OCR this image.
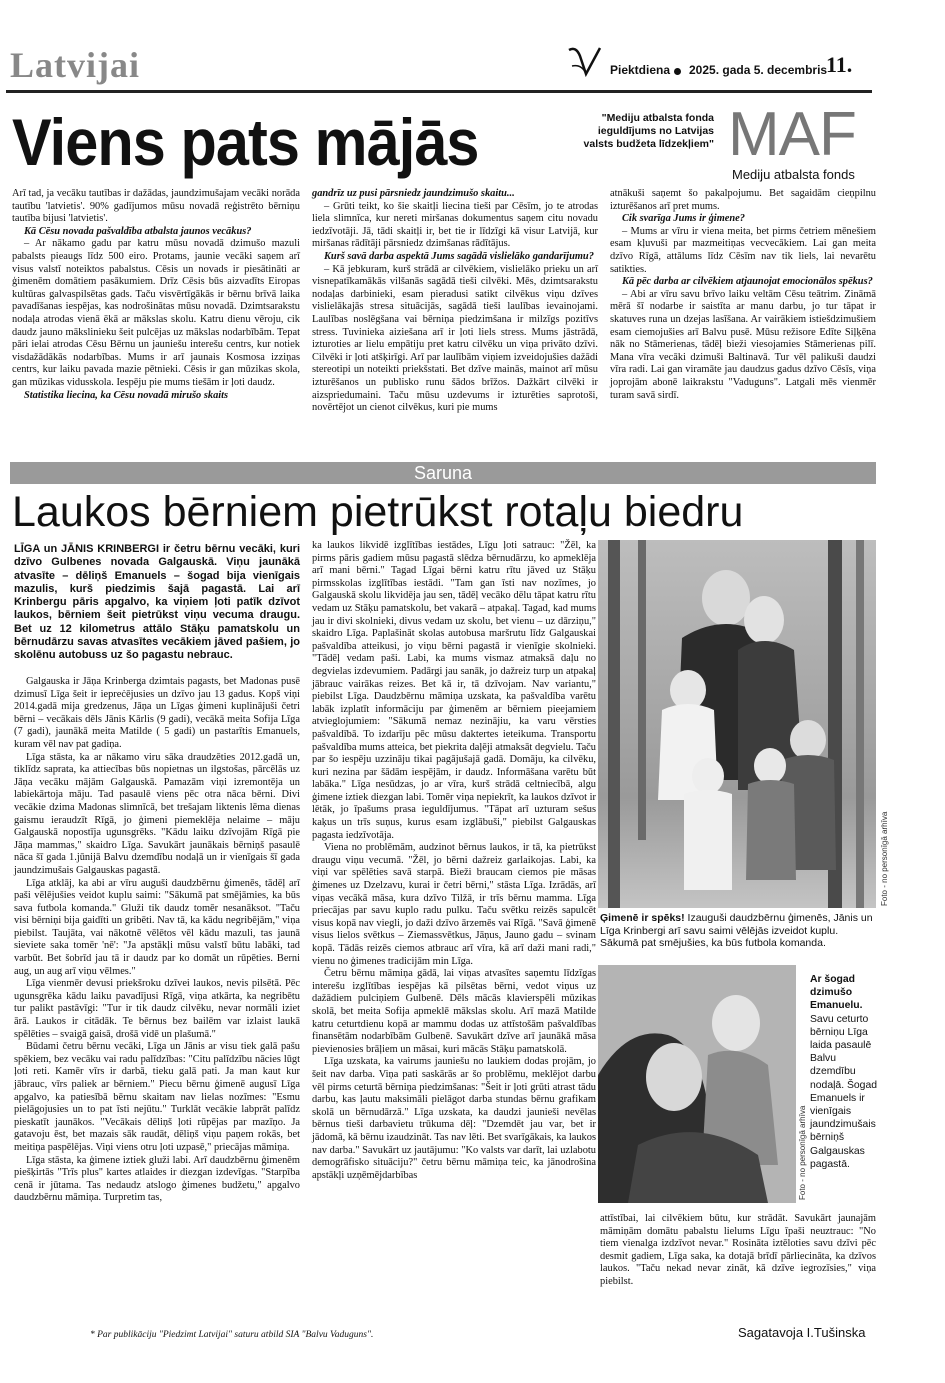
Latvijai	Piektdiena 2025. gada 5. decembris
11.
Viens pats mājās	"Mediju atbalsta fonda ieguldījums no Latvijas valsts budžeta līdzekļiem" MAF
Mediju atbalsta fonds

Arī tad, ja vecāku tautības ir dažādas, jaundzimušajam vecāki norāda tautību 'latvietis'. 90% gadījumos mūsu novadā reģistrēto bērniņu tautība bijusi 'latvietis'.

Kā Cēsu novada pašvaldība atbalsta jaunos vecākus?

– Ar nākamo gadu par katru mūsu novadā dzimušo mazuli pabalsts pieaugs līdz 500 eiro. Protams, jaunie vecāki saņem arī visus valstī noteiktos pabalstus. Cēsis un novads ir piesātināti ar ģimenēm domātiem pasākumiem. Drīz Cēsis būs aizvadīts Eiropas kultūras galvaspilsētas gads. Taču visvērtīgākās ir bērnu brīvā laika pavadīšanas iespējas, kas nodrošinātas mūsu novadā. Dzimtsarakstu nodaļa atrodas vienā ēkā ar mākslas skolu. Katru dienu vēroju, cik daudz jauno mākslinieku šeit pulcējas uz mākslas nodarbībām. Tepat pāri ielai atrodas Cēsu Bērnu un jauniešu interešu centrs, kur notiek visdažādākās nodarbības. Mums ir arī jaunais Kosmosa izziņas centrs, kur laiku pavada mazie pētnieki. Cēsis ir gan mūzikas skola, gan mūzikas vidusskola. Iespēju pie mums tiešām ir ļoti daudz.

Statistika liecina, ka Cēsu novadā mirušo skaits

gandrīz uz pusi pārsniedz jaundzimušo skaitu...

– Grūti teikt, ko šie skaitļi liecina tieši par Cēsīm, jo te atrodas liela slimnīca, kur nereti miršanas dokumentus saņem citu novadu iedzīvotāji. Jā, tādi skaitļi ir, bet tie ir līdzīgi kā visur Latvijā, kur miršanas rādītāji pārsniedz dzimšanas rādītājus.

Kurš savā darba aspektā Jums sagādā vislielāko gandarījumu?

– Kā jebkuram, kurš strādā ar cilvēkiem, vislielāko prieku un arī visnepatīkamākās vilšanās sagādā tieši cilvēki. Mēs, dzimtsarakstu nodaļas darbinieki, esam pieradusi satikt cilvēkus viņu dzīves vislielākajās stresa situācijās, sagādā tieši laulības ievainojami. Laulības noslēgšana vai bērniņa piedzimšana ir milzīgs pozitīvs stress. Tuvinieka aiziešana arī ir ļoti liels stress. Mums jāstrādā, izturoties ar lielu empātiju pret katru cilvēku un viņa privāto dzīvi. Cilvēki ir ļoti atšķirīgi. Arī par laulībām viņiem izveidojušies dažādi stereotipi un noteikti priekšstati. Bet dzīve mainās, mainot arī mūsu izturēšanos un publisko runu šādos brīžos. Dažkārt cilvēki ir aizspriedumaini. Taču mūsu uzdevums ir izturēties saprotoši, novērtējot un cienot cilvēkus, kuri pie mums

atnākuši saņemt šo pakalpojumu. Bet sagaidām cieņpilnu izturēšanos arī pret mums.

Cik svarīga Jums ir ģimene?

– Mums ar vīru ir viena meita, bet pirms četriem mēnešiem esam kļuvuši par mazmeitiņas vecvecākiem. Lai gan meita dzīvo Rīgā, attālums līdz Cēsīm nav tik liels, lai nevarētu satikties.

Kā pēc darba ar cilvēkiem atjaunojat emocionālos spēkus?

– Abi ar vīru savu brīvo laiku veltām Cēsu teātrim. Zināmā mērā šī nodarbe ir saistīta ar manu darbu, jo tur tāpat ir skatuves runa un dzejas lasīšana. Ar vairākiem istiešdzimušiem esam ciemojušies arī Balvu pusē. Mūsu režisore Edīte Siļķēna nāk no Stāmerienas, tādēļ bieži viesojamies Stāmerienas pilī. Mana vīra vecāki dzimuši Baltinavā. Tur vēl palikuši daudzi vīra radi. Lai gan viramāte jau daudzus gadus dzīvo Cēsīs, viņa joprojām abonē laikrakstu "Vaduguns". Latgali mēs vienmēr turam savā sirdī.

Saruna
Laukos bērniem pietrūkst rotaļu biedru
LĪGA un JĀNIS KRINBERGI ir četru bērnu vecāki, kuri dzīvo Gulbenes novada Galgauskā. Viņu jaunākā atvasīte – dēliņš Emanuels – šogad bija vienīgais mazulis, kurš piedzimis šajā pagastā. Lai arī Krinbergu pāris apgalvo, ka viņiem ļoti patīk dzīvot laukos, bērniem šeit pietrūkst viņu vecuma draugu. Bet uz 12 kilometrus attālo Stāķu pamatskolu un bērnudārzu savas atvasītes vecākiem jāved pašiem, jo skolēnu autobuss uz šo pagastu nebrauc.

Galgauska ir Jāņa Krinberga dzimtais pagasts, bet Madonas pusē dzimusī Līga šeit ir iepreċējusies un dzīvo jau 13 gadus. Kopš viņi 2014.gadā mija gredzenus, Jāņa un Līgas ģimeni kuplinājuši četri bērni – vecākais dēls Jānis Kārlis (9 gadi), vecākā meita Sofija Līga (7 gadi), jaunākā meita Matilde ( 5 gadi) un pastarītis Emanuels, kuram vēl nav pat gadiņa.

Līga stāsta, ka ar nākamo viru sāka draudzēties 2012.gadā un, tiklīdz saprata, ka attiecības būs nopietnas un ilgstošas, pārcēlās uz Jāņa vecāku mājām Galgauskā. Pamazām viņi izremontēja un labiekārtoja māju. Tad pasaulē viens pēc otra nāca bērni. Divi vecākie dzima Madonas slimnīcā, bet trešajam liktenis lēma dienas gaismu ieraudzīt Rīgā, jo ģimeni piemeklēja nelaime – māju Galgauskā nopostīja ugunsgrēks. "Kādu laiku dzīvojām Rīgā pie Jāņa mammas," skaidro Līga. Savukārt jaunākais bērniņš pasaulē nāca šī gada 1.jūnijā Balvu dzemdību nodaļā un ir vienīgais šī gada jaundzimušais Galgauskas pagastā.

Līga atklāj, ka abi ar vīru auguši daudzbērnu ģimenēs, tādēļ arī paši vēlējušies veidot kuplu saimi: "Sākumā pat smējāmies, ka būs sava futbola komanda." Gluži tik daudz tomēr nesanāksot. "Taču visi bērniņi bija gaidīti un gribēti. Nav tā, ka kādu negribējām," viņa piebilst. Taujāta, vai nākotnē vēlētos vēl kādu mazuli, tas jaunā sieviete saka tomēr 'nē': "Ja apstākļi mūsu valstī būtu labāki, tad varbūt. Bet šobrīd jau tā ir daudz par ko domāt un rūpēties. Berni aug, un aug arī viņu vēlmes."

Līga vienmēr devusi priekšroku dzīvei laukos, nevis pilsētā. Pēc ugunsgrēka kādu laiku pavadījusi Rīgā, viņa atkārta, ka negribētu tur palikt pastāvīgi: "Tur ir tik daudz cilvēku, nevar normāli iziet ārā. Laukos ir citādāk. Te bērnus bez bailēm var izlaist laukā spēlēties – svaigā gaisā, drošā vidē un plašumā."

Būdami četru bērnu vecāki, Līga un Jānis ar visu tiek galā pašu spēkiem, bez vecāku vai radu palīdzības: "Citu palīdzību nācies lūgt ļoti reti. Kamēr vīrs ir darbā, tieku galā pati. Ja man kaut kur jābrauc, vīrs paliek ar bērniem." Piecu bērnu ģimenē augusī Līga apgalvo, ka patiesībā bērnu skaitam nav lielas nozīmes: "Esmu pielāgojusies un to pat īsti nejūtu." Turklāt vecākie labprāt palīdz pieskatīt jaunākos. "Vecākais dēliņš ļoti rūpējas par mazīņo. Ja gatavoju ēst, bet mazais sāk raudāt, dēliņš viņu paņem rokās, bet meitiņa paspēlējas. Viņi viens otru ļoti uzpasē," priecājas māmiņa.

Līga stāsta, ka ģimene iztiek gluži labi. Arī daudzbērnu ģimenēm piešķirtās "Trīs plus" kartes atlaides ir diezgan izdevīgas. "Starpība cenā ir jūtama. Tas nedaudz atslogo ģimenes budžetu," apgalvo daudzbērnu māmiņa. Turpretim tas,

ka laukos likvidē izglītības iestādes, Līgu ļoti satrauc: "Žēl, ka pirms pāris gadiem mūsu pagastā slēdza bērnudārzu, ko apmeklēja arī mani bērni." Tagad Līgai bērni katru rītu jāved uz Stāķu pirmsskolas izglītības iestādi. "Tam gan īsti nav nozīmes, jo Galgauskā skolu likvidēja jau sen, tādēļ vecāko dēlu tāpat katru rītu vedam uz Stāķu pamatskolu, bet vakarā – atpakaļ. Tagad, kad mums jau ir divi skolnieki, divus vedam uz skolu, bet vienu – uz dārziņu," skaidro Līga. Paplašināt skolas autobusa maršrutu līdz Galgauskai pašvaldība atteikusi, jo viņu bērni pagastā ir vienīgie skolnieki. "Tādēļ vedam paši. Labi, ka mums vismaz atmaksā daļu no degvielas izdevumiem. Padārgi jau sanāk, jo dažreiz turp un atpakaļ jābrauc vairākas reizes. Bet kā ir, tā dzīvojam. Nav variantu," piebilst Līga. Daudzbērnu māmiņa uzskata, ka pašvaldība varētu labāk izplatīt informāciju par ģimenēm ar bērniem pieejamiem atvieglojumiem: "Sākumā nemaz nezinājiu, ka varu vērsties pašvaldībā. To izdarīju pēc mūsu daktertes ieteikuma. Transportu pašvaldība mums atteica, bet piekrita daļēji atmaksāt degvielu. Taču par šo iespēju uzzināju tikai pagājušajā gadā. Domāju, ka cilvēku, kuri nezina par šādām iespējām, ir daudz. Informāšana varētu būt labāka." Līga nesūdzas, jo ar vīra, kurš strādā celtniecībā, algu ģimene iztiek diezgan labi. Tomēr viņa nepiekrīt, ka laukos dzīvot ir lētāk, jo īpašums prasa ieguldījumus. "Tāpat arī uzturam sešus kaķus un trīs suņus, kurus esam izglābuši," piebilst Galgauskas pagasta iedzīvotāja.

Viena no problēmām, audzinot bērnus laukos, ir tā, ka pietrūkst draugu viņu vecumā. "Žēl, jo bērni dažreiz garlaikojas. Labi, ka viņi var spēlēties savā starpā. Bieži braucam ciemos pie māsas ģimenes uz Dzelzavu, kurai ir četri bērni," stāsta Līga. Izrādās, arī viņas vecākā māsa, kura dzīvo Tilžā, ir trīs bērnu mamma. Līga priecājas par savu kuplo radu pulku. Taču svētku reizēs sapulcēt visus kopā nav viegli, jo daži dzīvo ārzemēs vai Rīgā. "Savā ģimenē visus lielos svētkus – Ziemassvētkus, Jāņus, Jauno gadu – svinam kopā. Tādās reizēs ciemos atbrauc arī vīra, kā arī daži mani radi," vienu no ģimenes tradicijām min Līga.

Četru bērnu māmiņa gādā, lai viņas atvasītes saņemtu līdzīgas interešu izglītības iespējas kā pilsētas bērni, vedot viņus uz dažādiem pulciņiem Gulbenē. Dēls mācās klavierspēli mūzikas skolā, bet meita Sofija apmeklē mākslas skolu. Arī mazā Matilde katru ceturtdienu kopā ar mammu dodas uz attīstošām pašvaldības finansētām nodarbībām Gulbenē. Savukārt dzīve arī jaunākā māsa pievienosies brāļiem un māsai, kuri mācās Stāķu pamatskolā.

Līga uzskata, ka vairums jauniešu no laukiem dodas projām, jo šeit nav darba. Viņa pati saskārās ar šo problēmu, meklējot darbu vēl pirms ceturtā bērniņa piedzimšanas: "Šeit ir ļoti grūti atrast tādu darbu, kas ļautu maksimāli pielāgot darba stundas bērnu grafikam skolā un bērnudārzā." Līga uzskata, ka daudzi jaunieši nevēlas bērnus tieši darbavietu trūkuma dēļ: "Dzemdēt jau var, bet ir jādomā, kā bērnu izaudzināt. Tas nav lēti. Bet svarīgākais, ka laukos nav darba." Savukārt uz jautājumu: "Ko valsts var darīt, lai uzlabotu demogrāfisko situāciju?" četru bērnu māmiņa teic, ka jānodrošina apstākļi uzņēmējdarbības

Foto - no personīgā arhīva
Ģimenē ir spēks! Izauguši daudzbērnu ģimenēs, Jānis un Līga Krinbergi arī savu saimi vēlējās izveidot kuplu. Sākumā pat smējušies, ka būs futbola komanda.
Foto - no personīgā arhīva
Ar šogad dzimušo Emanuelu.
Savu ceturto bērniņu Līga laida pasaulē Balvu dzemdību nodaļā. Šogad Emanuels ir vienīgais jaundzimušais bērniņš Galgauskas pagastā.

attīstībai, lai cilvēkiem būtu, kur strādāt. Savukārt jaunajām māmiņām domātu pabalstu lielums Līgu īpaši neuztrauc: "No tiem vienalga izdzīvot nevar." Rosināta iztēloties savu dzīvi pēc desmit gadiem, Līga saka, ka dotajā brīdī pārliecināta, ka dzīvos laukos. "Taču nekad nevar zināt, kā dzīve iegrozīsies," viņa piebilst.

* Par publikāciju "Piedzimt Latvijai" saturu atbild SIA "Balvu Vaduguns".	Sagatavoja I.Tušinska
